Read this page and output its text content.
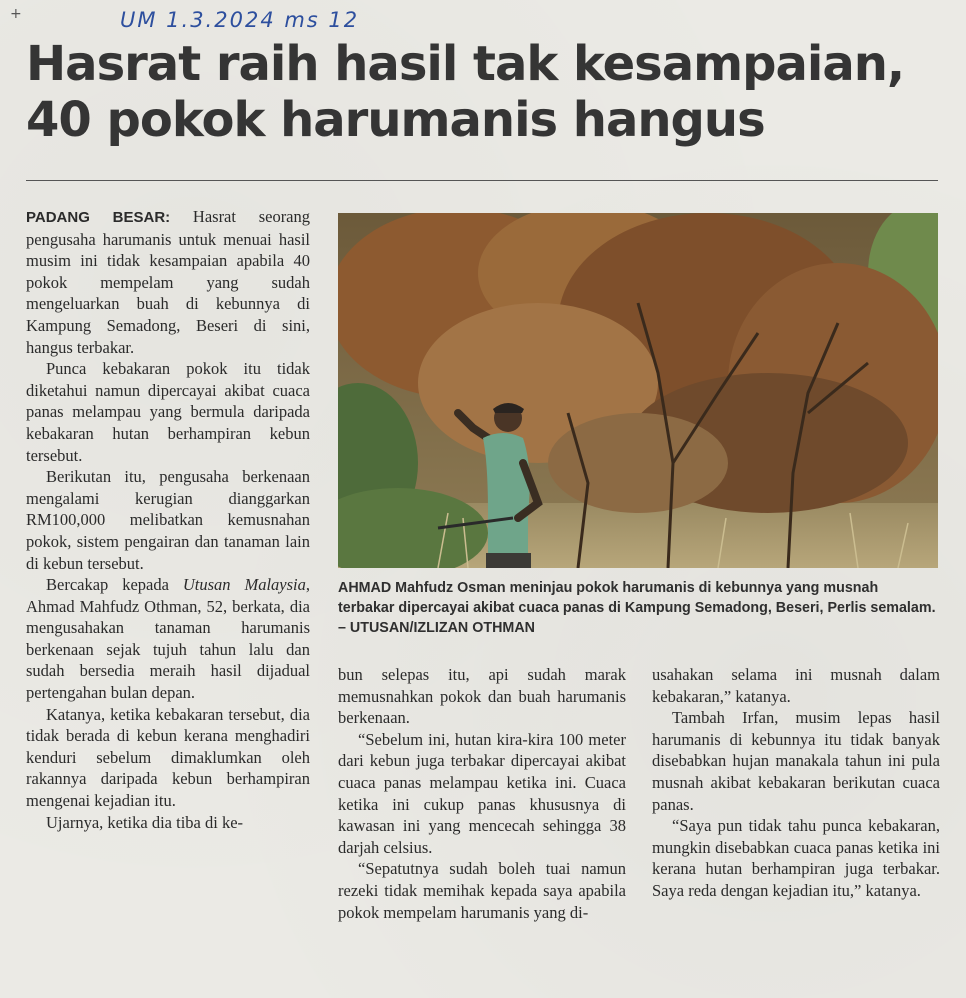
+	UM 1.3.2024 ms 12
Hasrat raih hasil tak kesampaian,
40 pokok harumanis hangus

PADANG BESAR: Hasrat seorang pengusaha harumanis untuk menuai hasil musim ini tidak kesampaian apabila 40 pokok mempelam yang sudah mengeluarkan buah di kebunnya di Kampung Semadong, Beseri di sini, hangus terbakar.

Punca kebakaran pokok itu tidak diketahui namun dipercayai akibat cuaca panas melampau yang bermula daripada kebakaran hutan berhampiran kebun tersebut.

Berikutan itu, pengusaha berkenaan mengalami kerugian dianggarkan RM100,000 melibatkan kemusnahan pokok, sistem pengairan dan tanaman lain di kebun tersebut.

Bercakap kepada Utusan Malaysia, Ahmad Mahfudz Othman, 52, berkata, dia mengusahakan tanaman harumanis berkenaan sejak tujuh tahun lalu dan sudah bersedia meraih hasil dijadual pertengahan bulan depan.

Katanya, ketika kebakaran tersebut, dia tidak berada di kebun kerana menghadiri kenduri sebelum dimaklumkan oleh rakannya daripada kebun berhampiran mengenai kejadian itu.

Ujarnya, ketika dia tiba di ke-

AHMAD Mahfudz Osman meninjau pokok harumanis di kebunnya yang musnah terbakar dipercayai akibat cuaca panas di Kampung Semadong, Beseri, Perlis semalam. – UTUSAN/IZLIZAN OTHMAN

bun selepas itu, api sudah marak memusnahkan pokok dan buah harumanis berkenaan.

“Sebelum ini, hutan kira-kira 100 meter dari kebun juga terbakar dipercayai akibat cuaca panas melampau ketika ini. Cuaca ketika ini cukup panas khususnya di kawasan ini yang mencecah sehingga 38 darjah celsius.

“Sepatutnya sudah boleh tuai namun rezeki tidak memihak kepada saya apabila pokok mempelam harumanis yang di-

usahakan selama ini musnah dalam kebakaran,” katanya.

Tambah Irfan, musim lepas hasil harumanis di kebunnya itu tidak banyak disebabkan hujan manakala tahun ini pula musnah akibat kebakaran berikutan cuaca panas.

“Saya pun tidak tahu punca kebakaran, mungkin disebabkan cuaca panas ketika ini kerana hutan berhampiran juga terbakar. Saya reda dengan kejadian itu,” katanya.
